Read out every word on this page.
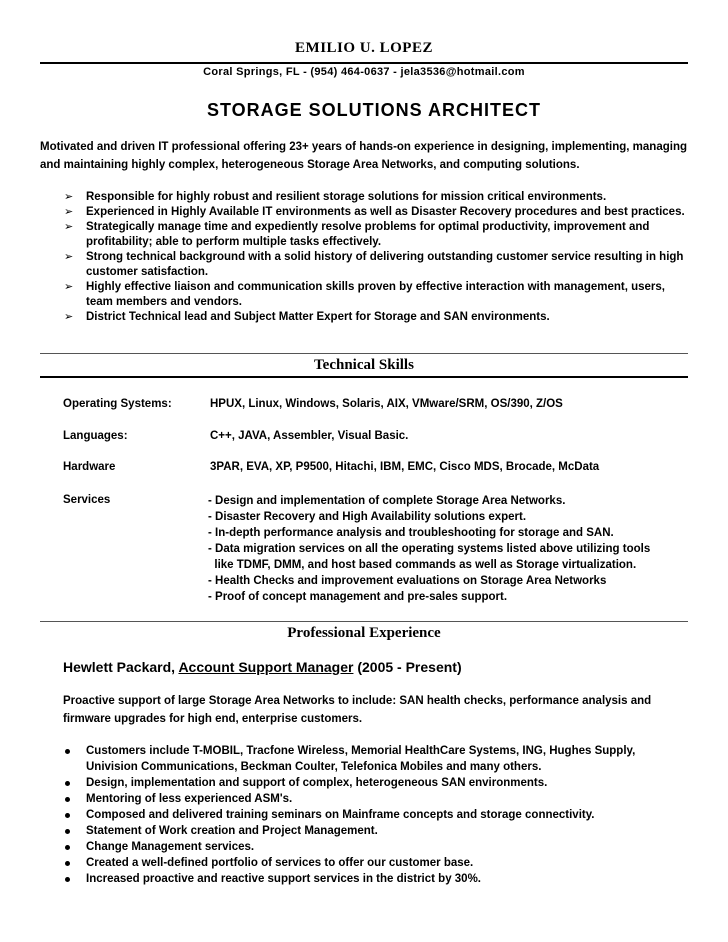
EMILIO U. LOPEZ
Coral Springs, FL - (954) 464-0637 - jela3536@hotmail.com
STORAGE SOLUTIONS ARCHITECT
Motivated and driven IT professional offering 23+ years of hands-on experience in designing, implementing, managing and maintaining highly complex, heterogeneous Storage Area Networks, and computing solutions.
➢ Responsible for highly robust and resilient storage solutions for mission critical environments.
➢ Experienced in Highly Available IT environments as well as Disaster Recovery procedures and best practices.
➢ Strategically manage time and expediently resolve problems for optimal productivity, improvement and profitability; able to perform multiple tasks effectively.
➢ Strong technical background with a solid history of delivering outstanding customer service resulting in high customer satisfaction.
➢ Highly effective liaison and communication skills proven by effective interaction with management, users, team members and vendors.
➢ District Technical lead and Subject Matter Expert for Storage and SAN environments.
Technical Skills
Operating Systems:	HPUX, Linux, Windows, Solaris, AIX, VMware/SRM, OS/390, Z/OS
Languages:	C++, JAVA, Assembler, Visual Basic.
Hardware	3PAR, EVA, XP, P9500, Hitachi, IBM, EMC, Cisco MDS, Brocade, McData
Services	- Design and implementation of complete Storage Area Networks.
- Disaster Recovery and High Availability solutions expert.
- In-depth performance analysis and troubleshooting for storage and SAN.
- Data migration services on all the operating systems listed above utilizing tools
like TDMF, DMM, and host based commands as well as Storage virtualization.
- Health Checks and improvement evaluations on Storage Area Networks
- Proof of concept management and pre-sales support.
Professional Experience
Hewlett Packard, Account Support Manager (2005 - Present)
Proactive support of large Storage Area Networks to include: SAN health checks, performance analysis and firmware upgrades for high end, enterprise customers.
Customers include T-MOBIL, Tracfone Wireless, Memorial HealthCare Systems, ING, Hughes Supply, Univision Communications, Beckman Coulter, Telefonica Mobiles and many others.
Design, implementation and support of complex, heterogeneous SAN environments.
Mentoring of less experienced ASM's.
Composed and delivered training seminars on Mainframe concepts and storage connectivity.
Statement of Work creation and Project Management.
Change Management services.
Created a well-defined portfolio of services to offer our customer base.
Increased proactive and reactive support services in the district by 30%.
